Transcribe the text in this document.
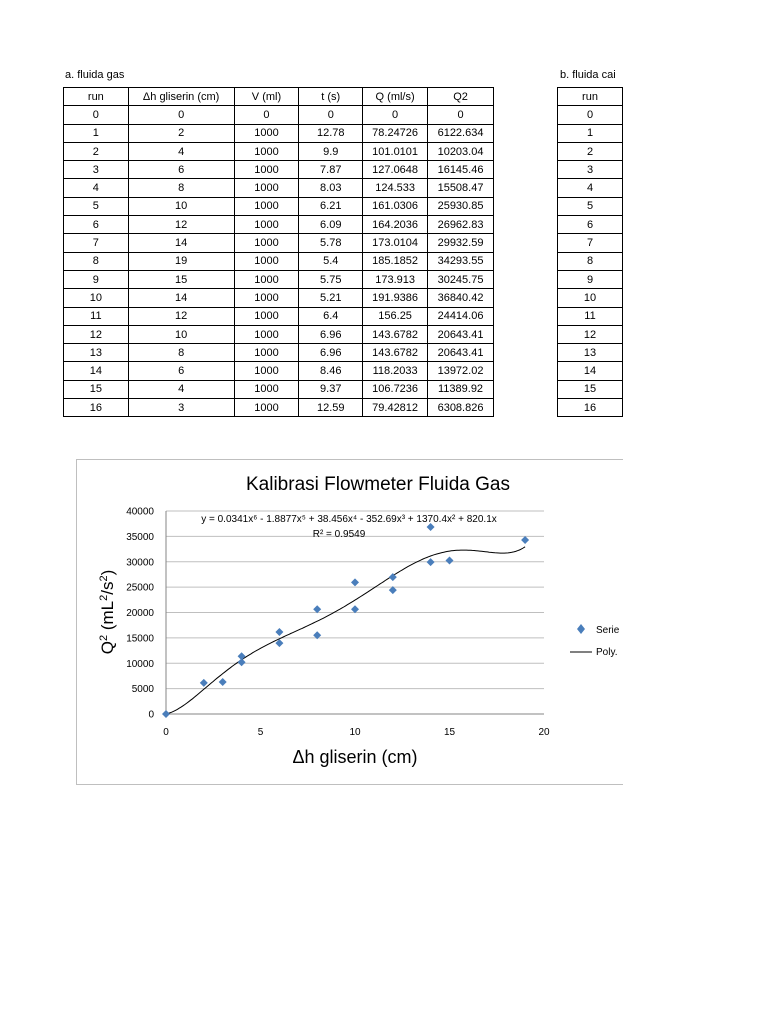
a. fluida gas
run	Δh gliserin (cm)	V (ml)	t (s)	Q (ml/s)	Q2
0	0	0	0	0	0
1	2	1000	12.78	78.24726	6122.634
2	4	1000	9.9	101.0101	10203.04
3	6	1000	7.87	127.0648	16145.46
4	8	1000	8.03	124.533	15508.47
5	10	1000	6.21	161.0306	25930.85
6	12	1000	6.09	164.2036	26962.83
7	14	1000	5.78	173.0104	29932.59
8	19	1000	5.4	185.1852	34293.55
9	15	1000	5.75	173.913	30245.75
10	14	1000	5.21	191.9386	36840.42
11	12	1000	6.4	156.25	24414.06
12	10	1000	6.96	143.6782	20643.41
13	8	1000	6.96	143.6782	20643.41
14	6	1000	8.46	118.2033	13972.02
15	4	1000	9.37	106.7236	11389.92
16	3	1000	12.59	79.42812	6308.826
b. fluida cai
run
0
1
2
3
4
5
6
7
8
9
10
11
12
13
14
15
16
0
5000
10000
15000
20000
25000
30000
35000
40000
0	5	10	15	20
Kalibrasi Flowmeter Fluida Gas
y = 0.0341x⁶ - 1.8877x⁵ + 38.456x⁴ - 352.69x³ + 1370.4x² + 820.1x
R² = 0.9549
Δh gliserin (cm)
$Q^2$ $(mL^2/s^2)$
Serie
Poly.
